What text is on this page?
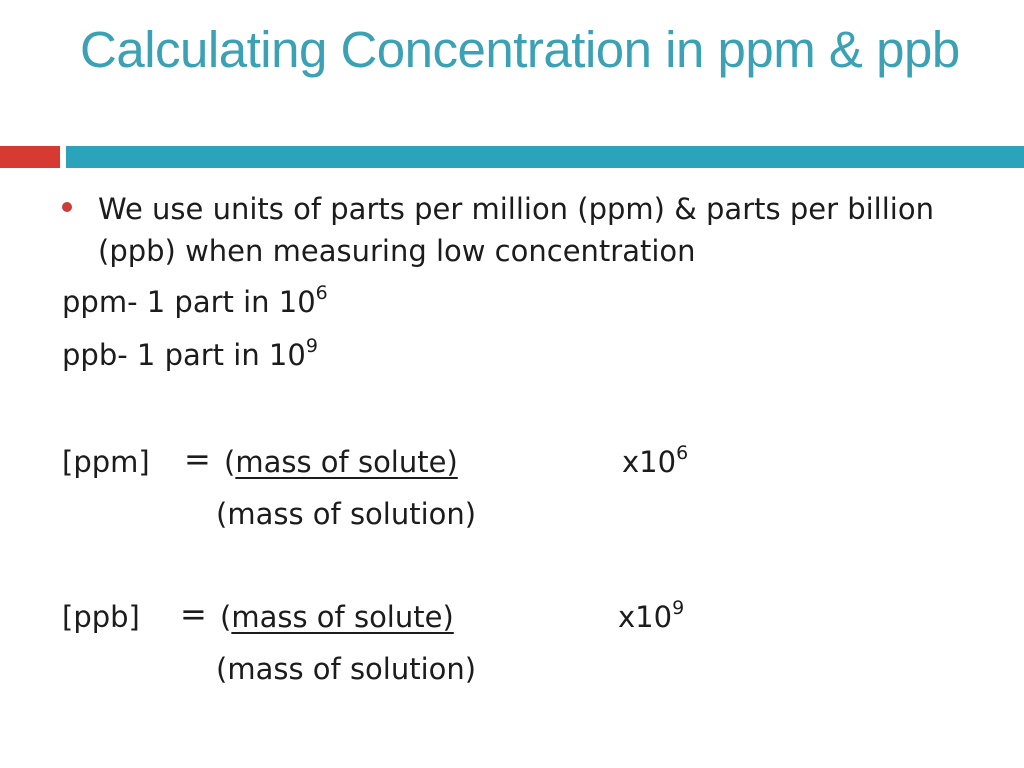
Calculating Concentration in ppm & ppb
We use units of parts per million (ppm) & parts per billion (ppb) when measuring low concentration
ppm- 1 part in $10^6$
ppb- 1 part in $10^9$
[ppm] = (mass of solute)	$x10^6$
(mass of solution)
[ppb] = (mass of solute)	$x10^9$
(mass of solution)
